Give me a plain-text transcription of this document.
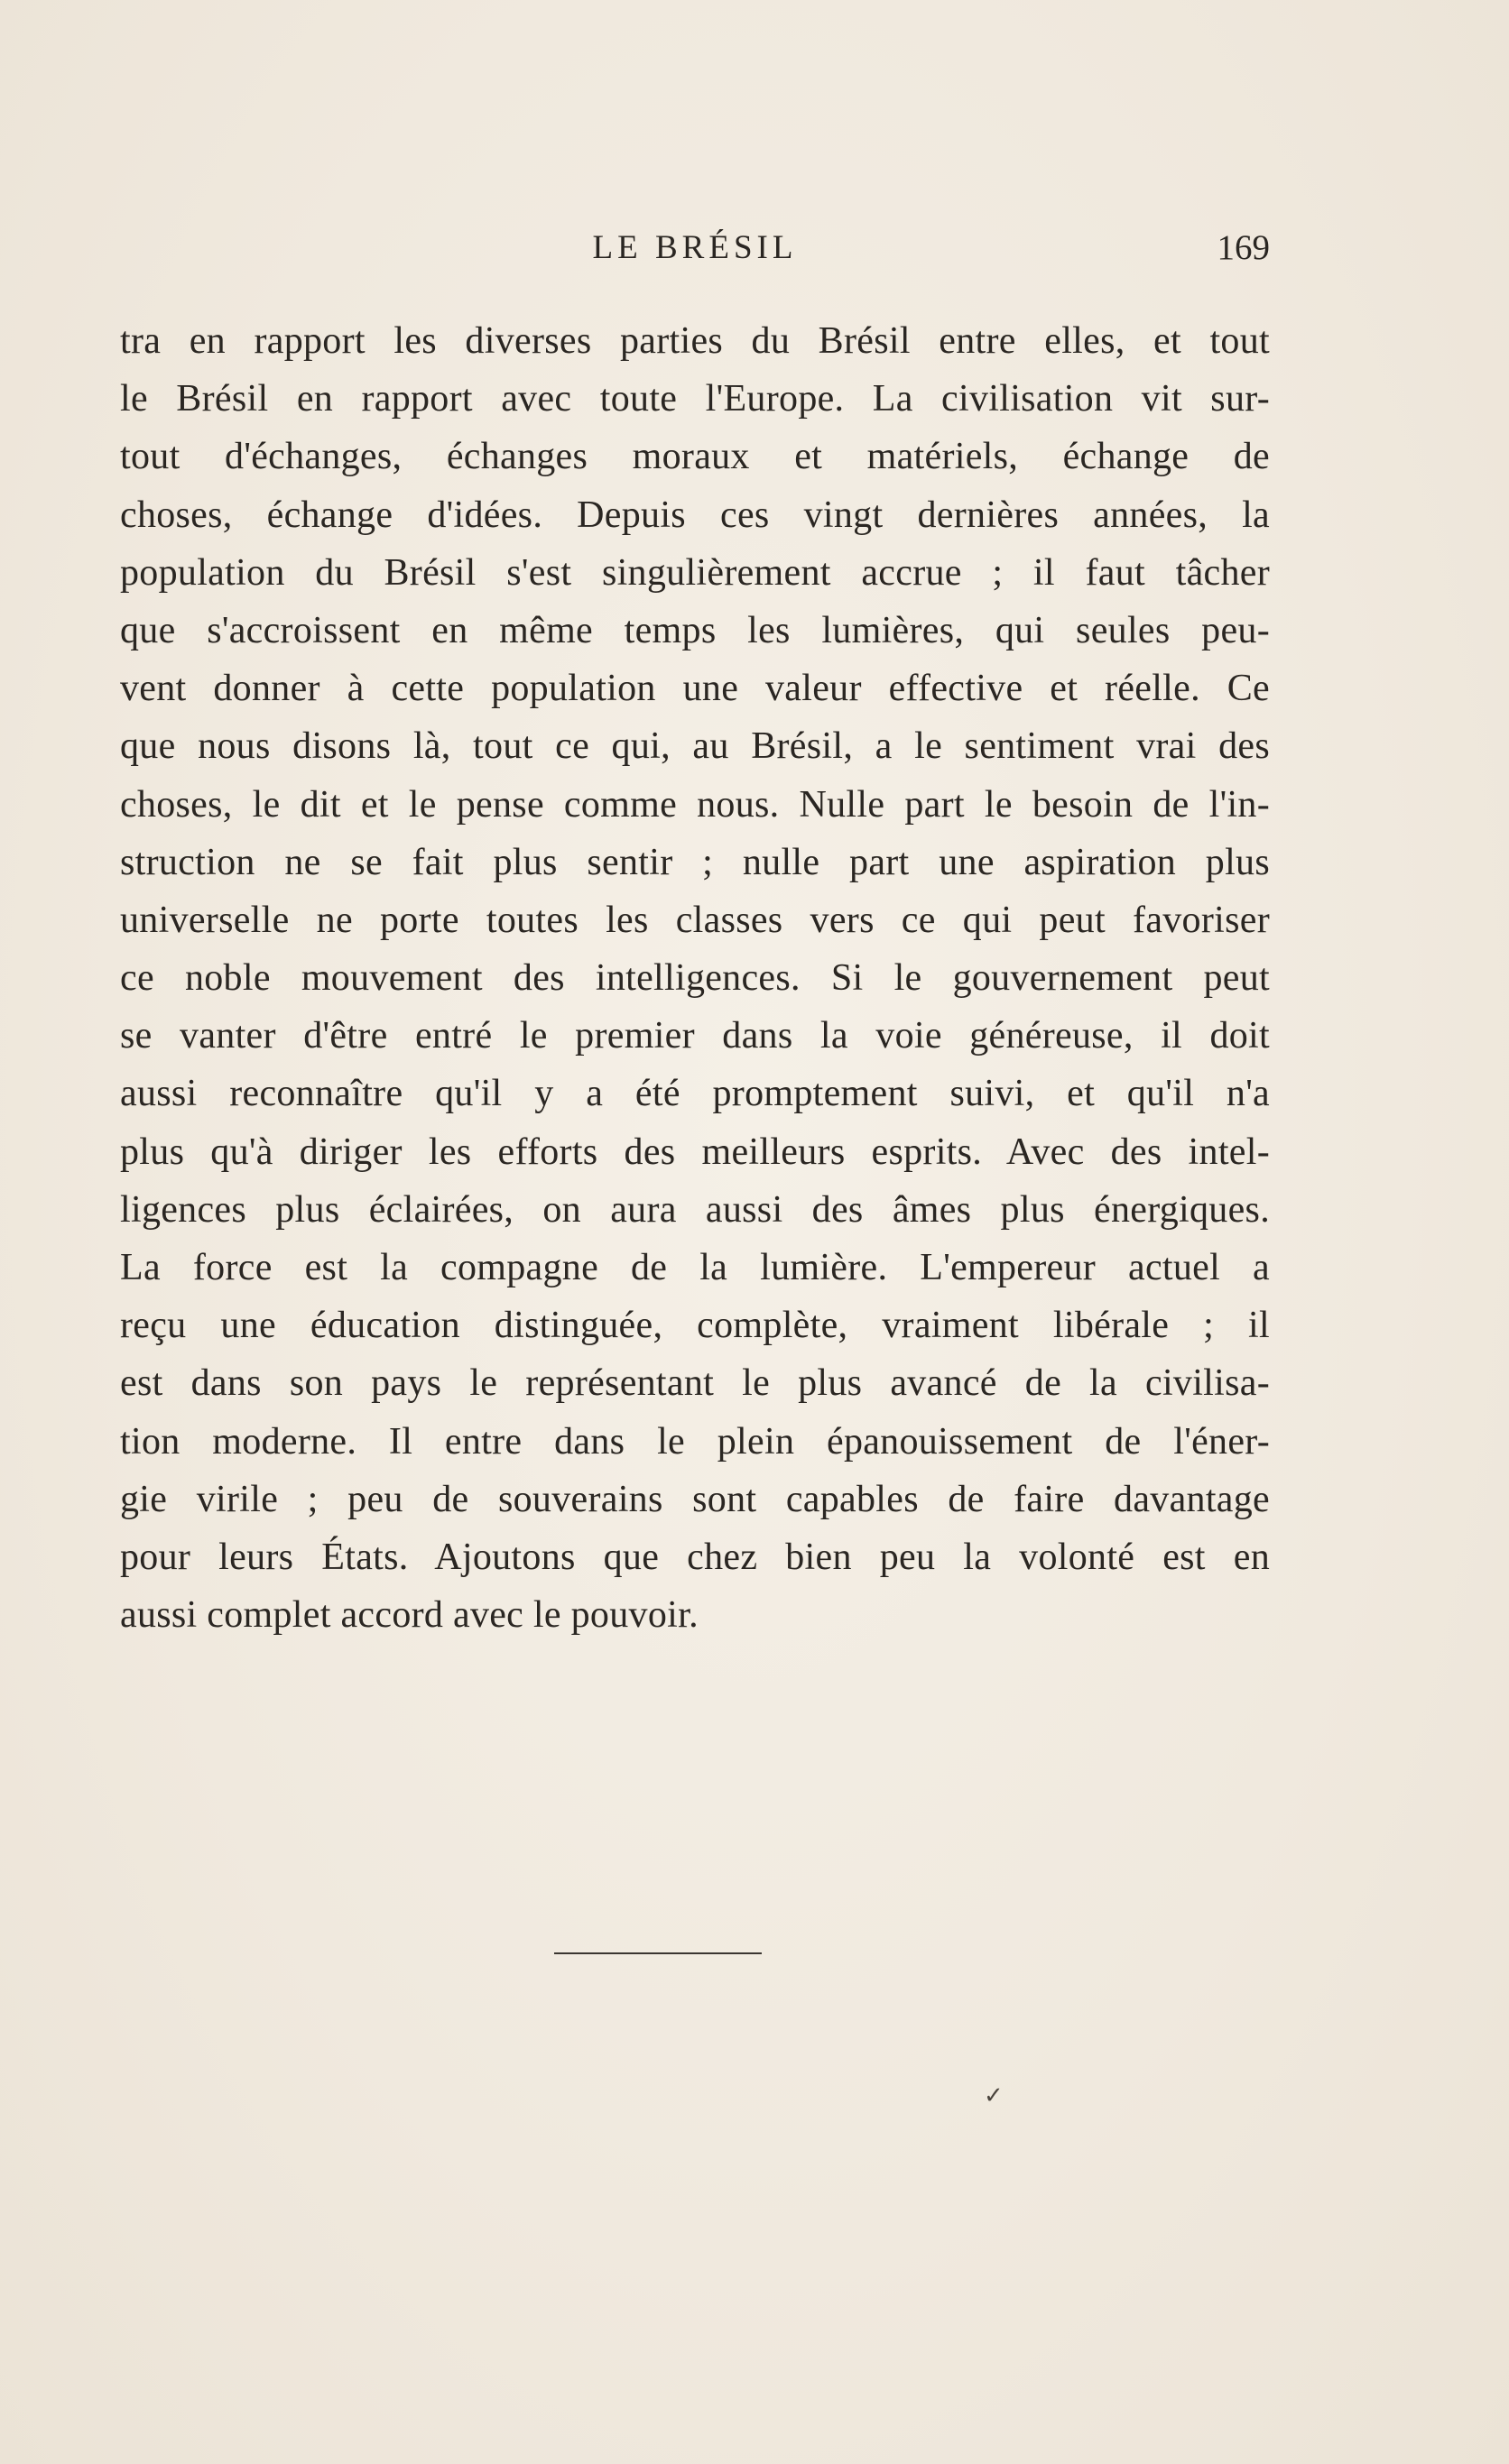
LE BRÉSIL	169
tra en rapport les diverses parties du Brésil entre elles, et tout
le Brésil en rapport avec toute l'Europe. La civilisation vit sur-
tout d'échanges, échanges moraux et matériels, échange de
choses, échange d'idées. Depuis ces vingt dernières années, la
population du Brésil s'est singulièrement accrue ; il faut tâcher
que s'accroissent en même temps les lumières, qui seules peu-
vent donner à cette population une valeur effective et réelle. Ce
que nous disons là, tout ce qui, au Brésil, a le sentiment vrai des
choses, le dit et le pense comme nous. Nulle part le besoin de l'in-
struction ne se fait plus sentir ; nulle part une aspiration plus
universelle ne porte toutes les classes vers ce qui peut favoriser
ce noble mouvement des intelligences. Si le gouvernement peut
se vanter d'être entré le premier dans la voie généreuse, il doit
aussi reconnaître qu'il y a été promptement suivi, et qu'il n'a
plus qu'à diriger les efforts des meilleurs esprits. Avec des intel-
ligences plus éclairées, on aura aussi des âmes plus énergiques.
La force est la compagne de la lumière. L'empereur actuel a
reçu une éducation distinguée, complète, vraiment libérale ; il
est dans son pays le représentant le plus avancé de la civilisa-
tion moderne. Il entre dans le plein épanouissement de l'éner-
gie virile ; peu de souverains sont capables de faire davantage
pour leurs États. Ajoutons que chez bien peu la volonté est en
aussi complet accord avec le pouvoir.
✓
